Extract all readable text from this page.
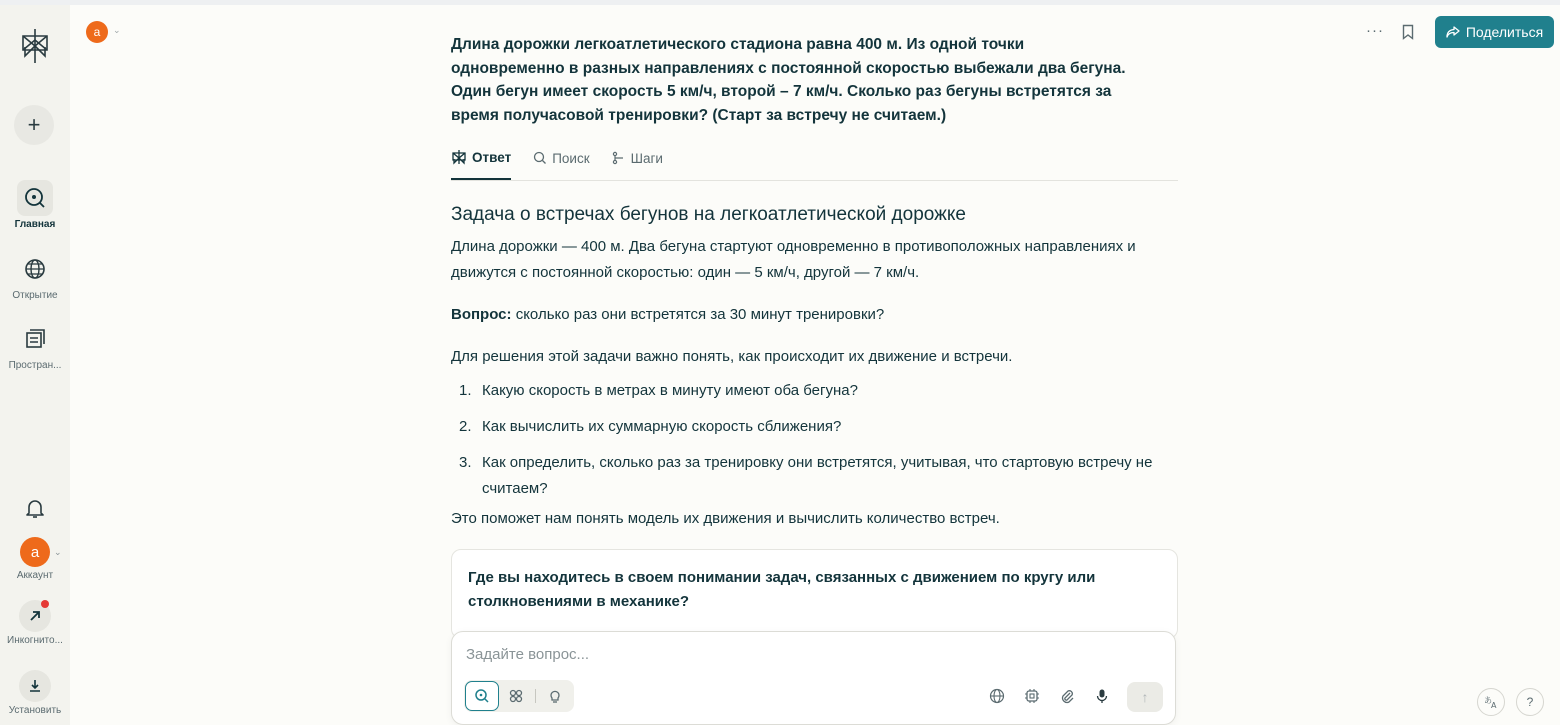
+
Главная
Открытие
Простран...
a ⌄
Аккаунт
Инкогнито...
Установить
a	⌄	···	Поделиться
Длина дорожки легкоатлетического стадиона равна 400 м. Из одной точки одновременно в разных направлениях с постоянной скоростью выбежали два бегуна. Один бегун имеет скорость 5 км/ч, второй – 7 км/ч. Сколько раз бегуны встретятся за время получасовой тренировки? (Старт за встречу не считаем.)
Ответ	Поиск	Шаги
Задача о встречах бегунов на легкоатлетической дорожке

Длина дорожки — 400 м. Два бегуна стартуют одновременно в противоположных направлениях и движутся с постоянной скоростью: один — 5 км/ч, другой — 7 км/ч.

Вопрос: сколько раз они встретятся за 30 минут тренировки?

Для решения этой задачи важно понять, как происходит их движение и встречи.

1. Какую скорость в метрах в минуту имеют оба бегуна?
2. Как вычислить их суммарную скорость сближения?
3. Как определить, сколько раз за тренировку они встретятся, учитывая, что стартовую встречу не считаем?

Это поможет нам понять модель их движения и вычислить количество встреч.

Где вы находитесь в своем понимании задач, связанных с движением по кругу или столкновениями в механике?
Задайте вопрос...
↑	あ
A	?
